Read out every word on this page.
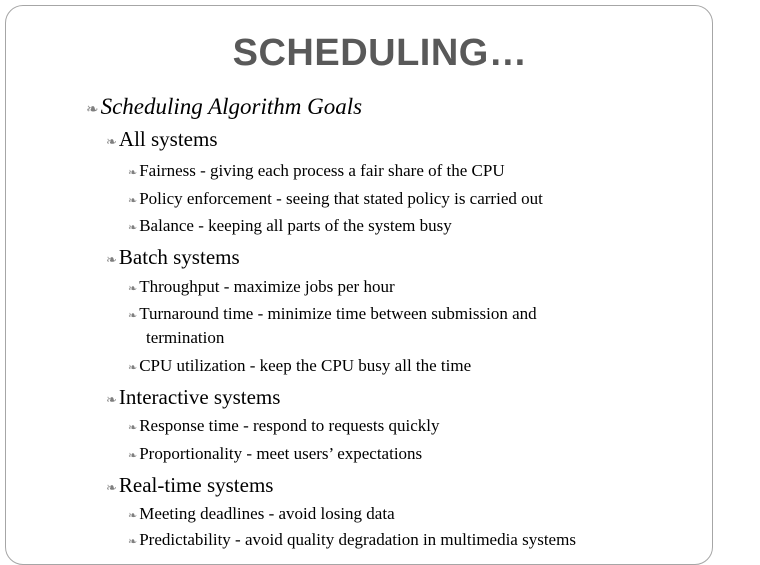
SCHEDULING…
❧Scheduling Algorithm Goals
❧All systems
❧ Fairness - giving each process a fair share of the CPU
❧ Policy enforcement - seeing that stated policy is carried out
❧ Balance - keeping all parts of the system busy
❧Batch systems
❧ Throughput - maximize jobs per hour
❧ Turnaround time - minimize time between submission and
termination
❧ CPU utilization - keep the CPU busy all the time
❧Interactive systems
❧ Response time - respond to requests quickly
❧ Proportionality - meet users’ expectations
❧Real-time systems
❧ Meeting deadlines - avoid losing data
❧ Predictability - avoid quality degradation in multimedia systems
